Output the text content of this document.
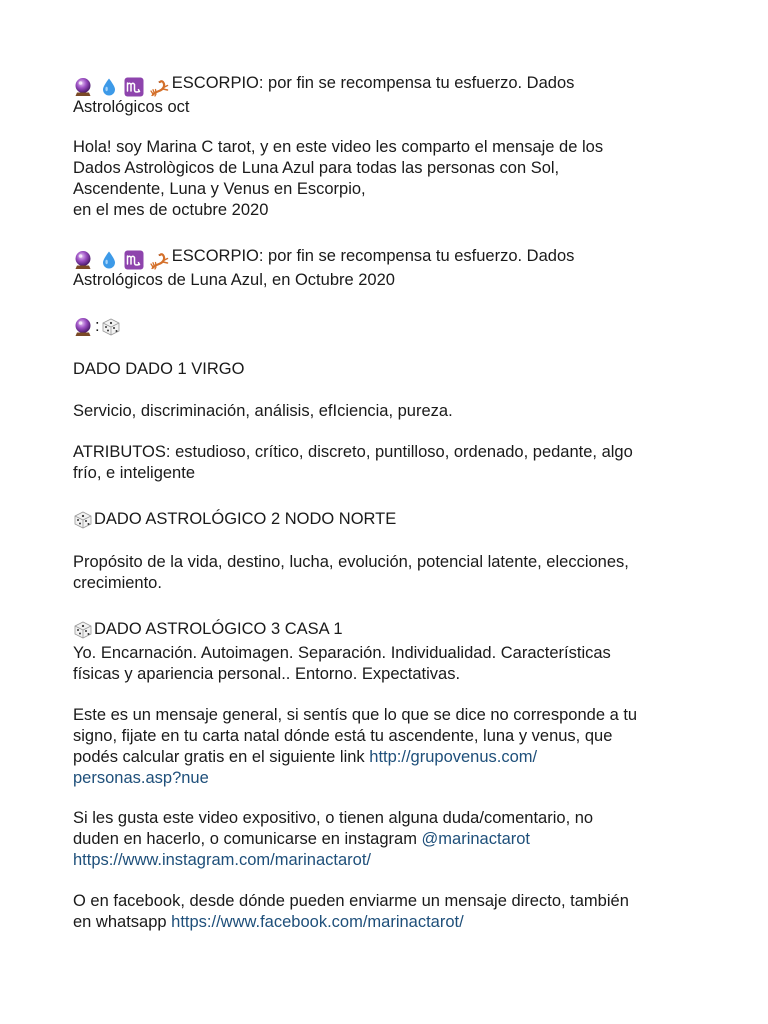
ESCORPIO: por fin se recompensa tu esfuerzo. Dados
Astrológicos oct

Hola! soy Marina C tarot, y en este video les comparto el mensaje de los
Dados Astrològicos de Luna Azul para todas las personas con Sol,
Ascendente, Luna y Venus en Escorpio,
en el mes de octubre 2020

ESCORPIO: por fin se recompensa tu esfuerzo. Dados
Astrológicos de Luna Azul, en Octubre 2020

:

DADO DADO 1 VIRGO

Servicio, discriminación, análisis, efIciencia, pureza.

ATRIBUTOS: estudioso, crítico, discreto, puntilloso, ordenado, pedante, algo
frío, e inteligente

DADO ASTROLÓGICO 2 NODO NORTE

Propósito de la vida, destino, lucha, evolución, potencial latente, elecciones,
crecimiento.

DADO ASTROLÓGICO 3 CASA 1

Yo. Encarnación. Autoimagen. Separación. Individualidad. Características
físicas y apariencia personal.. Entorno. Expectativas.

Este es un mensaje general, si sentís que lo que se dice no corresponde a tu
signo, fijate en tu carta natal dónde está tu ascendente, luna y venus, que
podés calcular gratis en el siguiente link http://grupovenus.com/
personas.asp?nue

Si les gusta este video expositivo, o tienen alguna duda/comentario, no
duden en hacerlo, o comunicarse en instagram @marinactarot
https://www.instagram.com/marinactarot/

O en facebook, desde dónde pueden enviarme un mensaje directo, también
en whatsapp https://www.facebook.com/marinactarot/
